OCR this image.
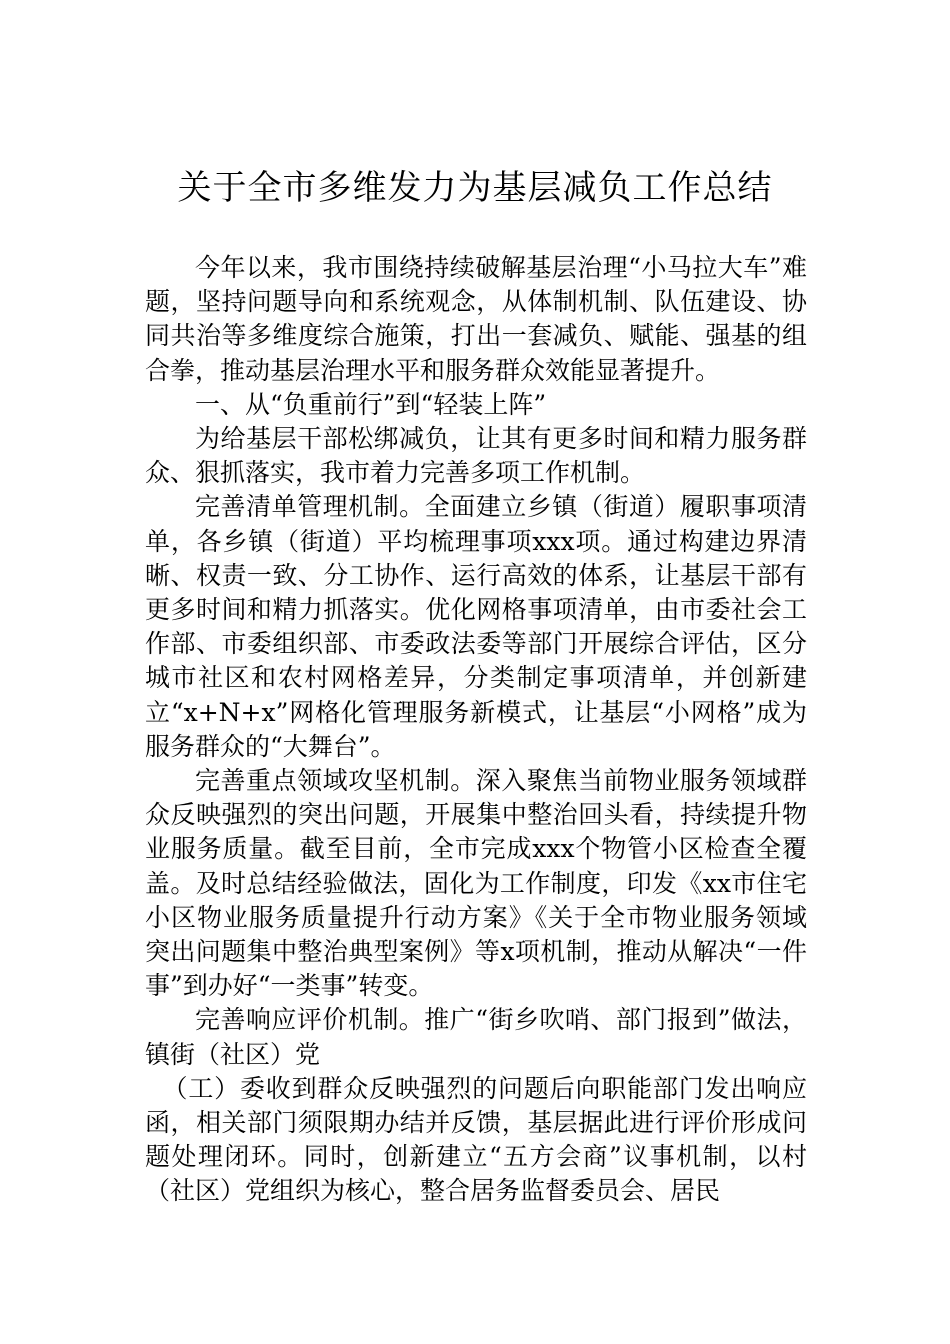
关于全市多维发力为基层减负工作总结

今年以来，我市围绕持续破解基层治理“小马拉大车”难题，坚持问题导向和系统观念，从体制机制、队伍建设、协同共治等多维度综合施策，打出一套减负、赋能、强基的组合拳，推动基层治理水平和服务群众效能显著提升。

一、从“负重前行”到“轻装上阵”

为给基层干部松绑减负，让其有更多时间和精力服务群众、狠抓落实，我市着力完善多项工作机制。

完善清单管理机制。全面建立乡镇（街道）履职事项清单，各乡镇（街道）平均梳理事项xxx项。通过构建边界清晰、权责一致、分工协作、运行高效的体系，让基层干部有更多时间和精力抓落实。优化网格事项清单，由市委社会工作部、市委组织部、市委政法委等部门开展综合评估，区分城市社区和农村网格差异，分类制定事项清单，并创新建立“x+N+x”网格化管理服务新模式，让基层“小网格”成为服务群众的“大舞台”。

完善重点领域攻坚机制。深入聚焦当前物业服务领域群众反映强烈的突出问题，开展集中整治回头看，持续提升物业服务质量。截至目前，全市完成xxx个物管小区检查全覆盖。及时总结经验做法，固化为工作制度，印发《xx市住宅小区物业服务质量提升行动方案》《关于全市物业服务领域突出问题集中整治典型案例》等x项机制，推动从解决“一件事”到办好“一类事”转变。

完善响应评价机制。推广“街乡吹哨、部门报到”做法，镇街（社区）党

（工）委收到群众反映强烈的问题后向职能部门发出响应函，相关部门须限期办结并反馈，基层据此进行评价形成问题处理闭环。同时，创新建立“五方会商”议事机制，以村（社区）党组织为核心，整合居务监督委员会、居民
